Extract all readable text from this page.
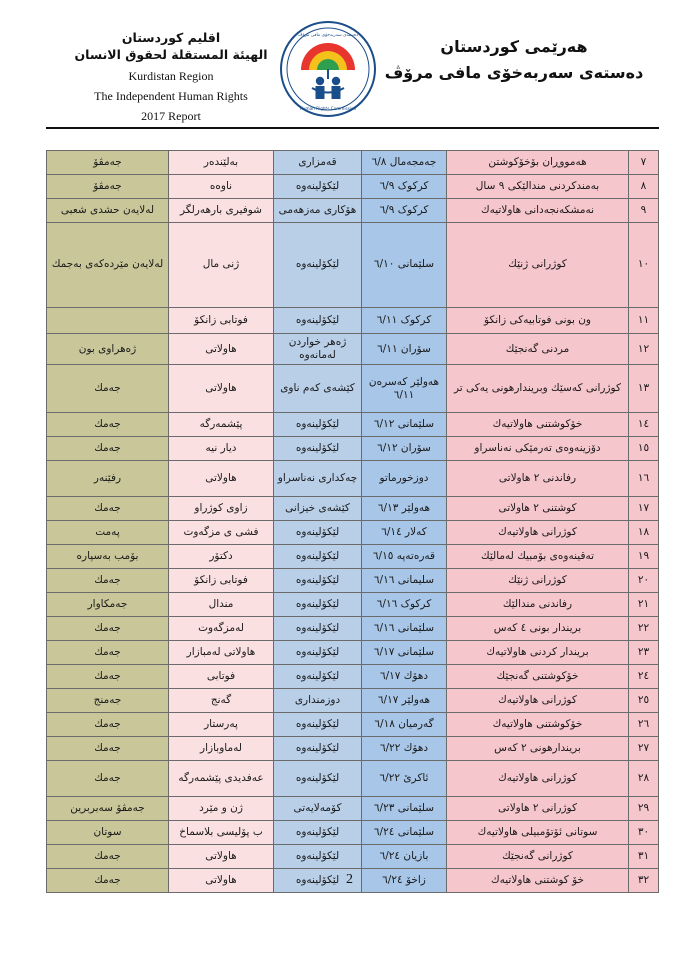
اقليم كوردستان
الهيئة المستقلة لحقوق الانسان
Kurdistan Region
The Independent Human Rights
2017 Report
دەستەی سەربەخۆی مافی مرۆڤ
Human Rights Commission
هەرێمی کوردستان
دەستەی سەربەخۆی مافی مرۆڤ
٧	هەمووڕان بۆخۆکوشتن	جەمجەمال ٦/٨	قەمزاری	بەلێندەر	جەمڤۆ
٨	بەمندکردنی مندالێکی ٩ سال	کرکوک ٦/٩	لێکۆلینەوە	ناوەه	جەمڤۆ
٩	نەمشکەنجەدانی هاولاتیەك	کرکوک ٦/٩	هۆکاری مەزهەمی	شوفیری بارهەرلگر	لەلایەن حشدی شعبی
١٠	کوژرانی ژنێك	سلێمانی ٦/١٠	لێکۆلینەوە	ژنی مال	لەلایەن مێردەکەی بەجمك
١١	ون بونی فوتابیەکی زانکۆ	کرکوک ٦/١١	لێکۆلینەوە	فوتابی زانکۆ	
١٢	مردنی گەنجێك	سۆران ٦/١١	ژەهر خواردن لەمانەوە	هاولاتی	ژەهراوی بون
١٣	کوژرانی کەسێك وبریندارهونی یەکی تر	هەولێر کەسرەن ٦/١١	کێشەی کەم ناوی	هاولاتی	جەمك
١٤	خۆکوشتنی هاولاتیەك	سلێمانی ٦/١٢	لێکۆلینەوە	پێشمەرگە	جەمك
١٥	دۆزینەوەی تەرمێکی نەناسراو	سۆران ٦/١٢	لێکۆلینەوە	دیار نیە	جەمك
١٦	رفاندنی ٢ هاولاتی	دوزخورماتو	چەکداری نەناسراو	هاولاتی	رفێنەر
١٧	کوشتنی ٢ هاولاتی	هەولێر ٦/١٣	کێشەی خیزانی	زاوی کوژراو	جەمك
١٨	کوژرانی هاولاتیەك	کەلار ٦/١٤	لێکۆلینەوە	فشی ی مزگەوت	پەمت
١٩	تەقینەوەی بۆمبیك لەمالێك	قەرەتەپە ٦/١٥	لێکۆلینەوە	دکتۆر	بۆمب بەسپارە
٢٠	کوژرانی ژنێك	سلیمانی ٦/١٦	لێکۆلینەوە	فوتابی زانکۆ	جەمك
٢١	رفاندنی مندالێك	کرکوک ٦/١٦	لێکۆلینەوە	مندال	جەمكاوار
٢٢	بریندار بونی ٤ کەس	سلێمانی ٦/١٦	لێکۆلینەوە	لەمزگەوت	جەمك
٢٣	بریندار کردنی هاولاتیەك	سلێمانی ٦/١٧	لێکۆلینەوە	هاولاتی لەمبازار	جەمك
٢٤	خۆکوشتنی گەنجێك	دهۆك ٦/١٧	لێکۆلینەوە	فوتابی	جەمك
٢٥	کوژرانی هاولاتیەك	هەولێر ٦/١٧	دوزمنداری	گەنج	جەمنج
٢٦	خۆکوشتنی هاولاتیەك	گەرمیان ٦/١٨	لێکۆلینەوە	پەرستار	جەمك
٢٧	بریندارهونی ٢ کەس	دهۆك ٦/٢٢	لێکۆلینەوە	لەماوبازار	جەمك
٢٨	کوژرانی هاولاتیەك	ئاکرێ ٦/٢٢	لێکۆلینەوە	عەفدیدی پێشمەرگە	جەمك
٢٩	کوژرانی ٢ هاولاتی	سلێمانی ٦/٢٣	کۆمەلایەتی	ژن و مێرد	جەمڤۆ سەبربرین
٣٠	سوتانی ئۆتۆمبیلی هاولاتیەك	سلێمانی ٦/٢٤	لێکۆلینەوە	ب پۆلیسی بلاسماخ	سوتان
٣١	کوژرانی گەنجێك	بازیان ٦/٢٤	لێکۆلینەوە	هاولاتی	جەمك
٣٢	خۆ کوشتنی هاولاتیەك	زاخۆ ٦/٢٤	لێکۆلینەوە	هاولاتی	جەمك	2
